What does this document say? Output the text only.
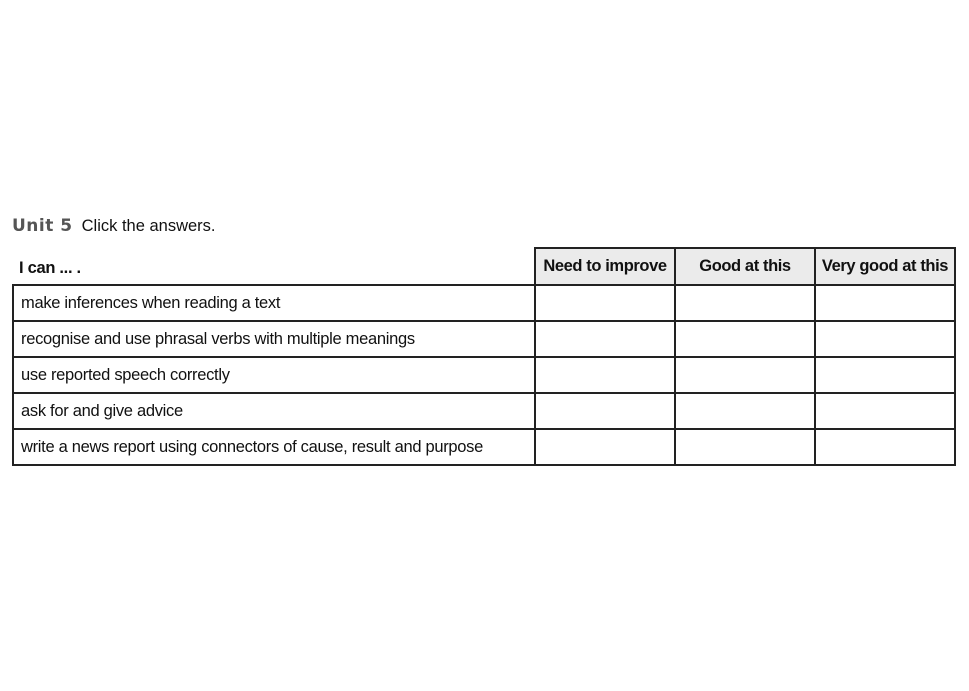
Unit 5 Click the answers.
I can ... .	Need to improve	Good at this	Very good at this
make inferences when reading a text			
recognise and use phrasal verbs with multiple meanings			
use reported speech correctly			
ask for and give advice			
write a news report using connectors of cause, result and purpose			
